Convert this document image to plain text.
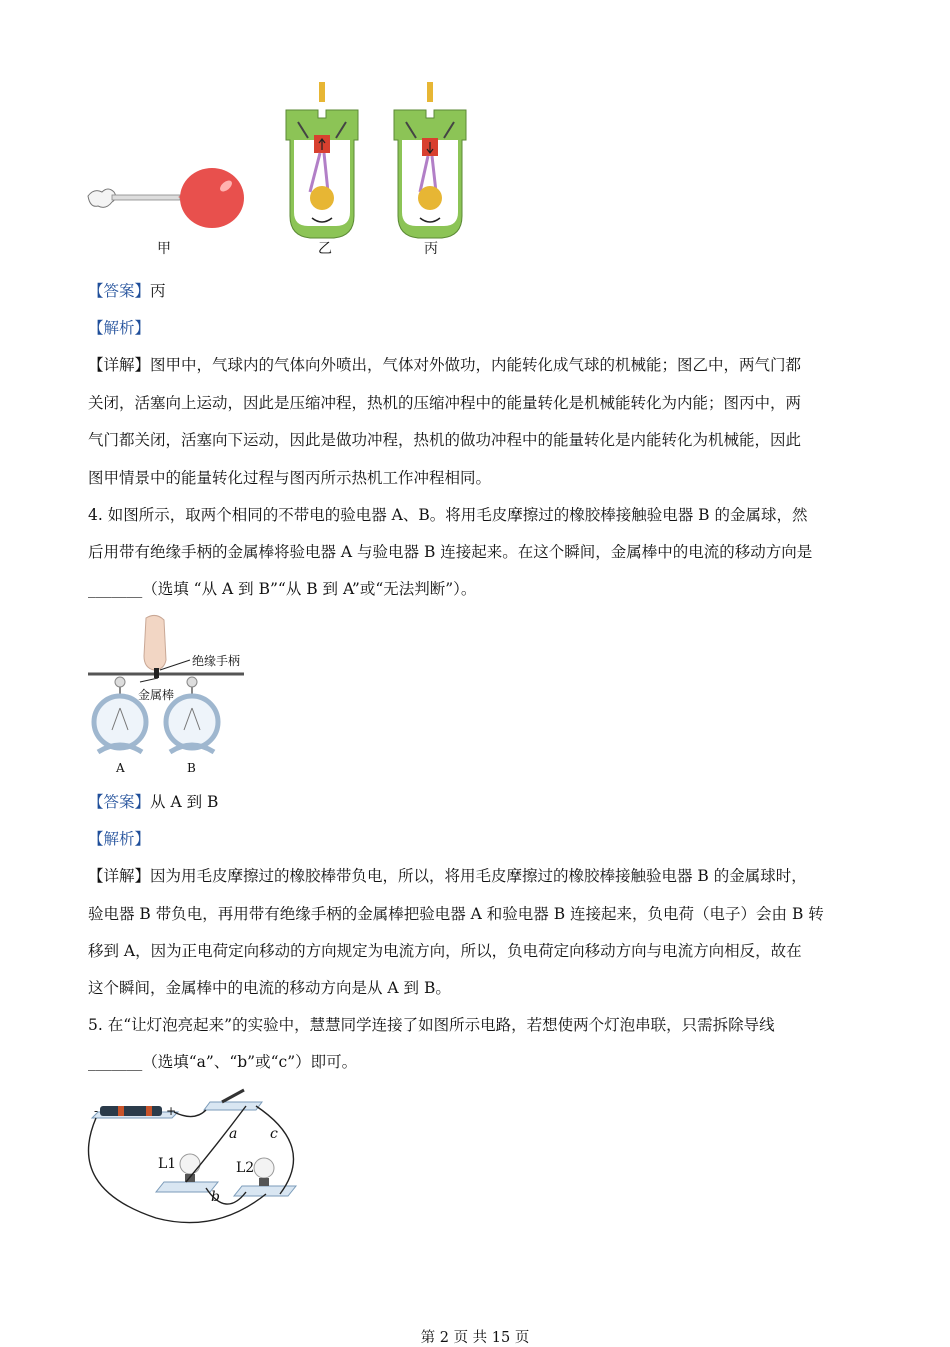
甲	乙	丙
【答案】丙
【解析】
【详解】图甲中，气球内的气体向外喷出，气体对外做功，内能转化成气球的机械能；图乙中，两气门都
关闭，活塞向上运动，因此是压缩冲程，热机的压缩冲程中的能量转化是机械能转化为内能；图丙中，两
气门都关闭，活塞向下运动，因此是做功冲程，热机的做功冲程中的能量转化是内能转化为机械能，因此
图甲情景中的能量转化过程与图丙所示热机工作冲程相同。
4. 如图所示，取两个相同的不带电的验电器 A、B。将用毛皮摩擦过的橡胶棒接触验电器 B 的金属球，然
后用带有绝缘手柄的金属棒将验电器 A 与验电器 B 连接起来。在这个瞬间，金属棒中的电流的移动方向是
_______（选填 “从 A 到 B”“从 B 到 A”或“无法判断”）。
绝缘手柄
金属棒
A	B
【答案】从 A 到 B
【解析】
【详解】因为用毛皮摩擦过的橡胶棒带负电，所以，将用毛皮摩擦过的橡胶棒接触验电器 B 的金属球时，
验电器 B 带负电，再用带有绝缘手柄的金属棒把验电器 A 和验电器 B 连接起来，负电荷（电子）会由 B 转
移到 A，因为正电荷定向移动的方向规定为电流方向，所以，负电荷定向移动方向与电流方向相反，故在
这个瞬间，金属棒中的电流的移动方向是从 A 到 B。
5. 在“让灯泡亮起来”的实验中，慧慧同学连接了如图所示电路，若想使两个灯泡串联，只需拆除导线
_______（选填“a”、“b”或“c”）即可。
-	+
a c
b
L1	L2
第 2 页 共 15 页
